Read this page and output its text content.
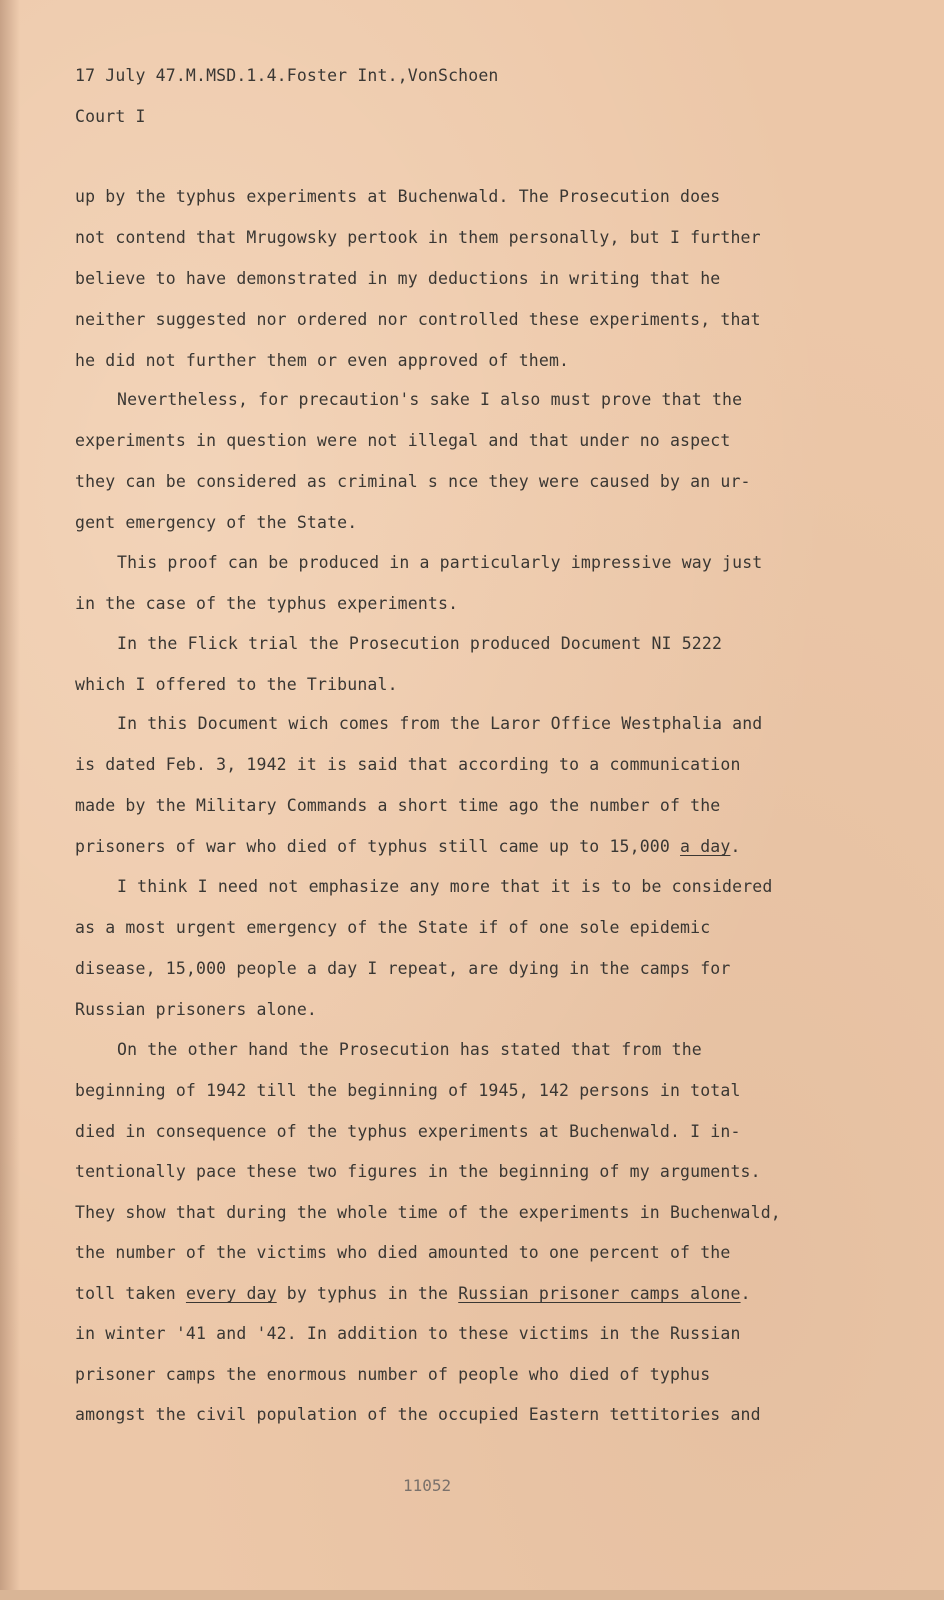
17 July 47.M.MSD.1.4.Foster Int.,VonSchoen
Court I
up by the typhus experiments at Buchenwald. The Prosecution does
not contend that Mrugowsky pertook in them personally, but I further
believe to have demonstrated in my deductions in writing that he
neither suggested nor ordered nor controlled these experiments, that
he did not further them or even approved of them.
Nevertheless, for precaution's sake I also must prove that the
experiments in question were not illegal and that under no aspect
they can be considered as criminal s nce they were caused by an ur-
gent emergency of the State.
This proof can be produced in a particularly impressive way just
in the case of the typhus experiments.
In the Flick trial the Prosecution produced Document NI 5222
which I offered to the Tribunal.
In this Document wich comes from the Laror Office Westphalia and
is dated Feb. 3, 1942 it is said that according to a communication
made by the Military Commands a short time ago the number of the
prisoners of war who died of typhus still came up to 15,000 a day.
I think I need not emphasize any more that it is to be considered
as a most urgent emergency of the State if of one sole epidemic
disease, 15,000 people a day I repeat, are dying in the camps for
Russian prisoners alone.
On the other hand the Prosecution has stated that from the
beginning of 1942 till the beginning of 1945, 142 persons in total
died in consequence of the typhus experiments at Buchenwald. I in-
tentionally pace these two figures in the beginning of my arguments.
They show that during the whole time of the experiments in Buchenwald,
the number of the victims who died amounted to one percent of the
toll taken every day by typhus in the Russian prisoner camps alone.
in winter '41 and '42. In addition to these victims in the Russian
prisoner camps the enormous number of people who died of typhus
amongst the civil population of the occupied Eastern tettitories and
11052
